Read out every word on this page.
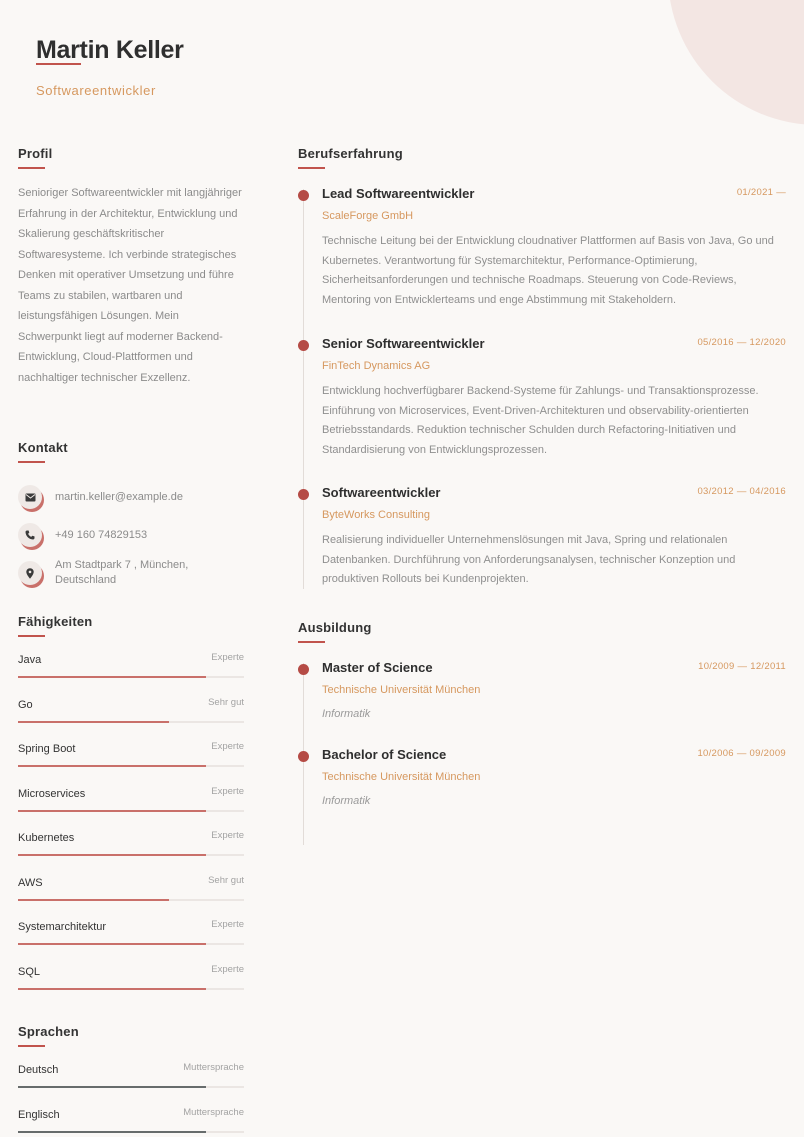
Martin Keller
Softwareentwickler
Profil
Senioriger Softwareentwickler mit langjähriger Erfahrung in der Architektur, Entwicklung und Skalierung geschäftskritischer Softwaresysteme. Ich verbinde strategisches Denken mit operativer Umsetzung und führe Teams zu stabilen, wartbaren und leistungsfähigen Lösungen. Mein Schwerpunkt liegt auf moderner Backend-Entwicklung, Cloud-Plattformen und nachhaltiger technischer Exzellenz.
Kontakt
martin.keller@example.de
+49 160 74829153
Am Stadtpark 7 , München, Deutschland
Fähigkeiten
Java	Experte
Go	Sehr gut
Spring Boot	Experte
Microservices	Experte
Kubernetes	Experte
AWS	Sehr gut
Systemarchitektur	Experte
SQL	Experte
Sprachen
Deutsch	Muttersprache
Englisch	Muttersprache
Berufserfahrung
Lead Softwareentwickler	01/2021 —
ScaleForge GmbH
Technische Leitung bei der Entwicklung cloudnativer Plattformen auf Basis von Java, Go und Kubernetes. Verantwortung für Systemarchitektur, Performance-Optimierung, Sicherheitsanforderungen und technische Roadmaps. Steuerung von Code-Reviews, Mentoring von Entwicklerteams und enge Abstimmung mit Stakeholdern.
Senior Softwareentwickler	05/2016 — 12/2020
FinTech Dynamics AG
Entwicklung hochverfügbarer Backend-Systeme für Zahlungs- und Transaktionsprozesse. Einführung von Microservices, Event-Driven-Architekturen und observability-orientierten Betriebsstandards. Reduktion technischer Schulden durch Refactoring-Initiativen und Standardisierung von Entwicklungsprozessen.
Softwareentwickler	03/2012 — 04/2016
ByteWorks Consulting
Realisierung individueller Unternehmenslösungen mit Java, Spring und relationalen Datenbanken. Durchführung von Anforderungsanalysen, technischer Konzeption und produktiven Rollouts bei Kundenprojekten.
Ausbildung
Master of Science	10/2009 — 12/2011
Technische Universität München
Informatik
Bachelor of Science	10/2006 — 09/2009
Technische Universität München
Informatik
